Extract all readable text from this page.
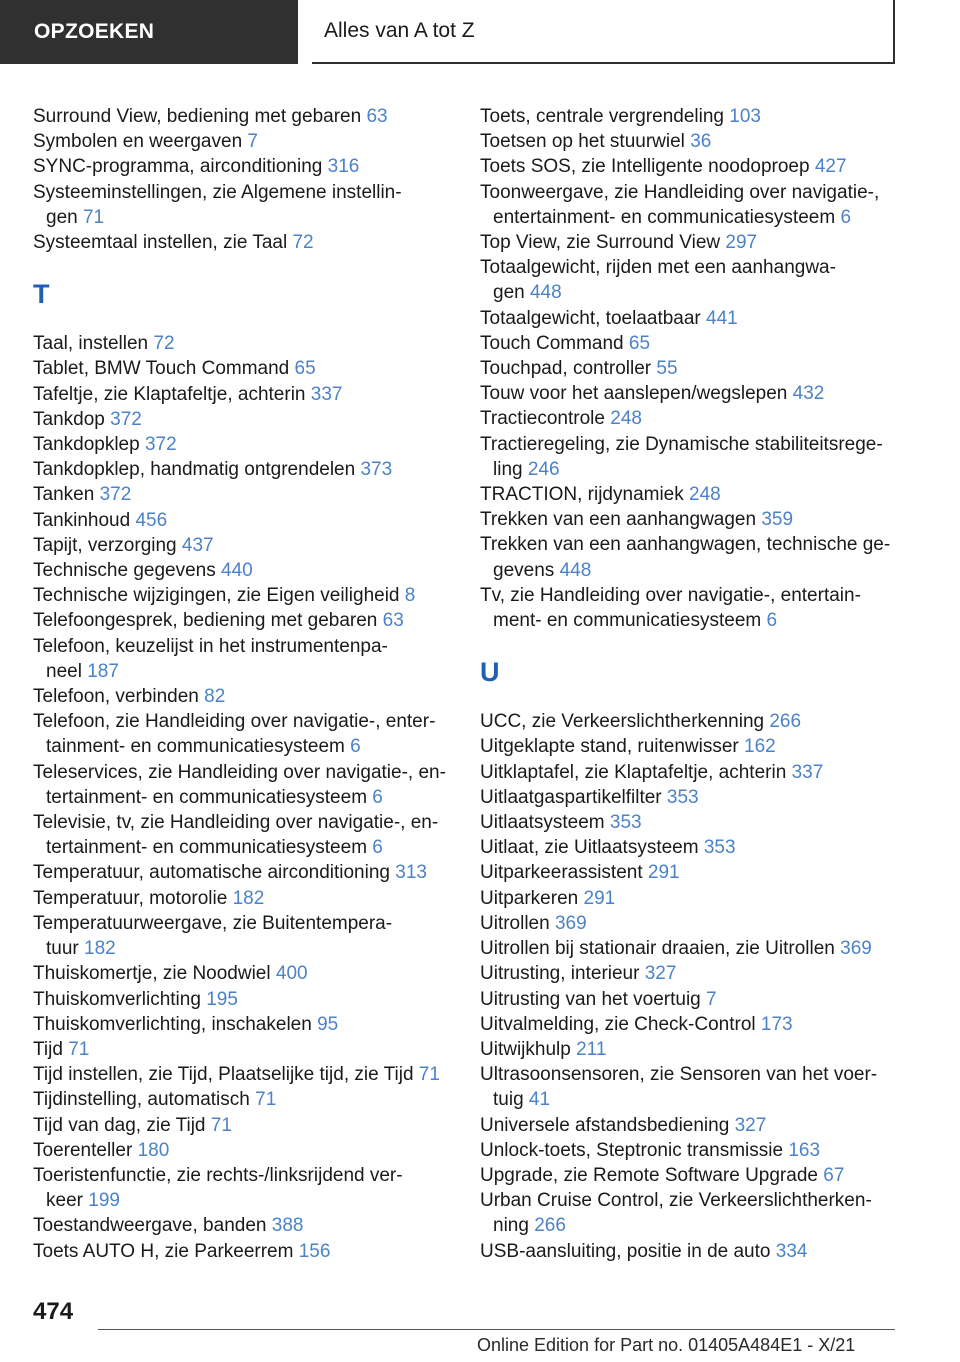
OPZOEKEN	Alles van A tot Z

Surround View, bediening met gebaren 63

Symbolen en weergaven 7

SYNC-programma, airconditioning 316

Systeeminstellingen, zie Algemene instellin-
gen 71

Systeemtaal instellen, zie Taal 72

T

Taal, instellen 72

Tablet, BMW Touch Command 65

Tafeltje, zie Klaptafeltje, achterin 337

Tankdop 372

Tankdopklep 372

Tankdopklep, handmatig ontgrendelen 373

Tanken 372

Tankinhoud 456

Tapijt, verzorging 437

Technische gegevens 440

Technische wijzigingen, zie Eigen veiligheid 8

Telefoongesprek, bediening met gebaren 63

Telefoon, keuzelijst in het instrumentenpa-
neel 187

Telefoon, verbinden 82

Telefoon, zie Handleiding over navigatie-, enter-
tainment- en communicatiesysteem 6

Teleservices, zie Handleiding over navigatie-, en-
tertainment- en communicatiesysteem 6

Televisie, tv, zie Handleiding over navigatie-, en-
tertainment- en communicatiesysteem 6

Temperatuur, automatische airconditioning 313

Temperatuur, motorolie 182

Temperatuurweergave, zie Buitentempera-
tuur 182

Thuiskomertje, zie Noodwiel 400

Thuiskomverlichting 195

Thuiskomverlichting, inschakelen 95

Tijd 71

Tijd instellen, zie Tijd, Plaatselijke tijd, zie Tijd 71

Tijdinstelling, automatisch 71

Tijd van dag, zie Tijd 71

Toerenteller 180

Toeristenfunctie, zie rechts-/linksrijdend ver-
keer 199

Toestandweergave, banden 388

Toets AUTO H, zie Parkeerrem 156

Toets, centrale vergrendeling 103

Toetsen op het stuurwiel 36

Toets SOS, zie Intelligente noodoproep 427

Toonweergave, zie Handleiding over navigatie-,
entertainment- en communicatiesysteem 6

Top View, zie Surround View 297

Totaalgewicht, rijden met een aanhangwa-
gen 448

Totaalgewicht, toelaatbaar 441

Touch Command 65

Touchpad, controller 55

Touw voor het aanslepen/wegslepen 432

Tractiecontrole 248

Tractieregeling, zie Dynamische stabiliteitsrege-
ling 246

TRACTION, rijdynamiek 248

Trekken van een aanhangwagen 359

Trekken van een aanhangwagen, technische ge-
gevens 448

Tv, zie Handleiding over navigatie-, entertain-
ment- en communicatiesysteem 6

U

UCC, zie Verkeerslichtherkenning 266

Uitgeklapte stand, ruitenwisser 162

Uitklaptafel, zie Klaptafeltje, achterin 337

Uitlaatgaspartikelfilter 353

Uitlaatsysteem 353

Uitlaat, zie Uitlaatsysteem 353

Uitparkeerassistent 291

Uitparkeren 291

Uitrollen 369

Uitrollen bij stationair draaien, zie Uitrollen 369

Uitrusting, interieur 327

Uitrusting van het voertuig 7

Uitvalmelding, zie Check-Control 173

Uitwijkhulp 211

Ultrasoonsensoren, zie Sensoren van het voer-
tuig 41

Universele afstandsbediening 327

Unlock-toets, Steptronic transmissie 163

Upgrade, zie Remote Software Upgrade 67

Urban Cruise Control, zie Verkeerslichtherken-
ning 266

USB-aansluiting, positie in de auto 334

474
Online Edition for Part no. 01405A484E1 - X/21
